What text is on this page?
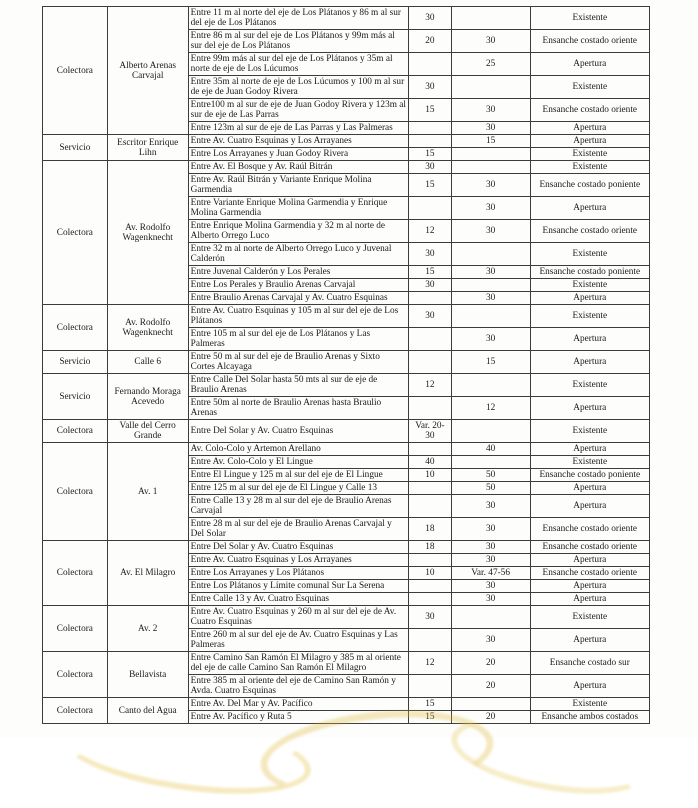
Colectora	Alberto Arenas Carvajal	Entre 11 m al norte del eje de Los Plátanos y 86 m al sur del eje de Los Plátanos	30		Existente
		Entre 86 m al sur del eje de Los Plátanos y 99m más al sur del eje de Los Plátanos	20	30	Ensanche costado oriente
		Entre 99m más al sur del eje de Los Plátanos y 35m al norte de eje de Los Lúcumos		25	Apertura
		Entre 35m al norte de eje de Los Lúcumos y 100 m al sur de eje de Juan Godoy Rivera	30		Existente
		Entre100 m al sur de eje de Juan Godoy Rivera y 123m al sur de eje de Las Parras	15	30	Ensanche costado oriente
		Entre 123m al sur de eje de Las Parras y Las Palmeras		30	Apertura
Servicio	Escritor Enrique Lihn	Entre Av. Cuatro Esquinas y Los Arrayanes		15	Apertura
		Entre Los Arrayanes y Juan Godoy Rivera	15		Existente
Colectora	Av. Rodolfo Wagenknecht	Entre Av. El Bosque y Av. Raúl Bitrán	30		Existente
		Entre Av. Raúl Bitrán y Variante Enrique Molina Garmendia	15	30	Ensanche costado poniente
		Entre Variante Enrique Molina Garmendia y Enrique Molina Garmendia		30	Apertura
		Entre Enrique Molina Garmendia y 32 m al norte de Alberto Orrego Luco	12	30	Ensanche costado oriente
		Entre 32 m al norte de Alberto Orrego Luco y Juvenal Calderón	30		Existente
		Entre Juvenal Calderón y Los Perales	15	30	Ensanche costado poniente
		Entre Los Perales y Braulio Arenas Carvajal	30		Existente
		Entre Braulio Arenas Carvajal y Av. Cuatro Esquinas		30	Apertura
Colectora	Av. Rodolfo Wagenknecht	Entre Av. Cuatro Esquinas y 105 m al sur del eje de Los Plátanos	30		Existente
		Entre 105 m al sur del eje de Los Plátanos y Las Palmeras		30	Apertura
Servicio	Calle 6	Entre 50 m al sur del eje de Braulio Arenas y Sixto Cortes Alcayaga		15	Apertura
Servicio	Fernando Moraga Acevedo	Entre Calle Del Solar hasta 50 mts al sur de eje de Braulio Arenas	12		Existente
		Entre 50m al norte de Braulio Arenas hasta Braulio Arenas		12	Apertura
Colectora	Valle del Cerro Grande	Entre Del Solar y Av. Cuatro Esquinas	Var. 20-30		Existente
Colectora	Av. 1	Av. Colo-Colo y Artemon Arellano		40	Apertura
		Entre Av. Colo-Colo y El Lingue	40		Existente
		Entre El Lingue y 125 m al sur del eje de El Lingue	10	50	Ensanche costado poniente
		Entre 125 m al sur del eje de El Lingue y Calle 13		50	Apertura
		Entre Calle 13 y 28 m al sur del eje de Braulio Arenas Carvajal		30	Apertura
		Entre 28 m al sur del eje de Braulio Arenas Carvajal y Del Solar	18	30	Ensanche costado oriente
Colectora	Av. El Milagro	Entre Del Solar y Av. Cuatro Esquinas	18	30	Ensanche costado oriente
		Entre Av. Cuatro Esquinas y Los Arrayanes		30	Apertura
		Entre Los Arrayanes y Los Plátanos	10	Var. 47-56	Ensanche costado oriente
		Entre Los Plátanos y Límite comunal Sur La Serena		30	Apertura
		Entre Calle 13 y Av. Cuatro Esquinas		30	Apertura
Colectora	Av. 2	Entre Av. Cuatro Esquinas y 260 m al sur del eje de Av. Cuatro Esquinas	30		Existente
		Entre 260 m al sur del eje de Av. Cuatro Esquinas y Las Palmeras		30	Apertura
Colectora	Bellavista	Entre Camino San Ramón El Milagro y 385 m al oriente del eje de calle Camino San Ramón El Milagro	12	20	Ensanche costado sur
		Entre 385 m al oriente del eje de Camino San Ramón y Avda. Cuatro Esquinas		20	Apertura
Colectora	Canto del Agua	Entre Av. Del Mar y Av. Pacífico	15		Existente
		Entre Av. Pacífico y Ruta 5	15	20	Ensanche ambos costados
